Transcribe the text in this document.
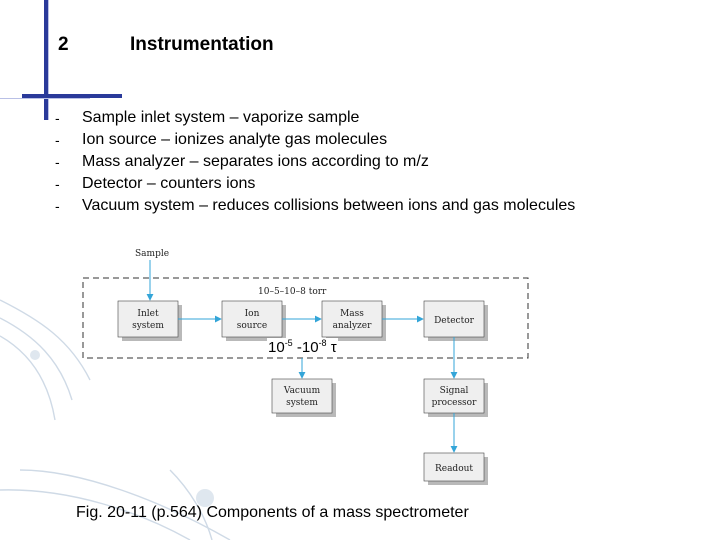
2	Instrumentation
-	Sample inlet system – vaporize sample
-	Ion source – ionizes analyte gas molecules
-	Mass analyzer – separates ions according to m/z
-	Detector – counters ions
-	Vacuum system – reduces collisions between ions and gas molecules
Sample
10–5–10–8 torr
Inlet
system
Ion
source
Mass
analyzer	Detector
Vacuum
system
Signal
processor
Readout
$10^{-5}$ $-10^{-8}$ τ
Fig. 20-11 (p.564) Components of a mass spectrometer
